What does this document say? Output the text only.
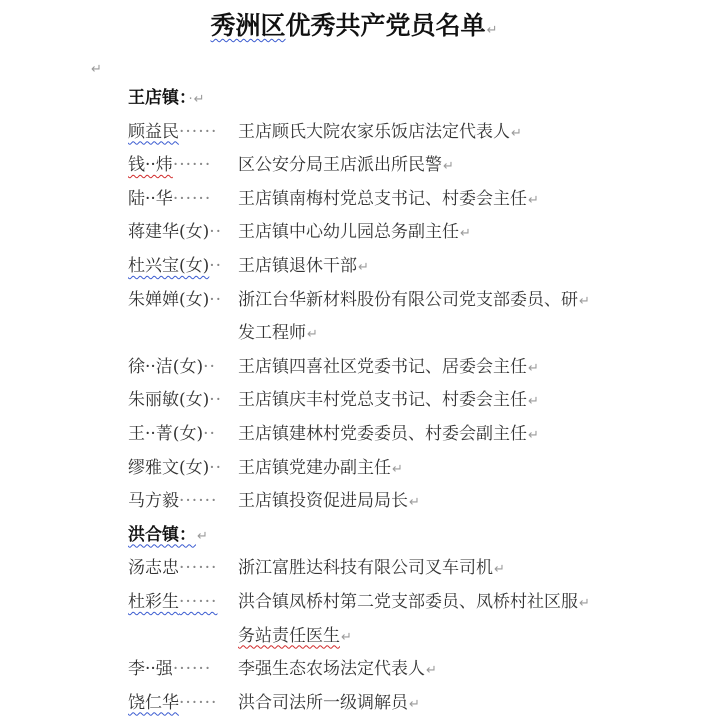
秀洲区优秀共产党员名单↵
↵
王店镇：·↵
顾益民······ 王店顾氏大院农家乐饭店法定代表人↵
钱··炜······ 区公安分局王店派出所民警↵
陆··华······ 王店镇南梅村党总支书记、村委会主任↵
蒋建华(女)·· 王店镇中心幼儿园总务副主任↵
杜兴宝(女)·· 王店镇退休干部↵
朱婵婵(女)·· 浙江台华新材料股份有限公司党支部委员、研↵
发工程师↵
徐··洁(女)·· 王店镇四喜社区党委书记、居委会主任↵
朱丽敏(女)·· 王店镇庆丰村党总支书记、村委会主任↵
王··菁(女)·· 王店镇建林村党委委员、村委会副主任↵
缪雅文(女)·· 王店镇党建办副主任↵
马方毅······ 王店镇投资促进局局长↵
洪合镇：↵
汤志忠······ 浙江富胜达科技有限公司叉车司机↵
杜彩生······ 洪合镇凤桥村第二党支部委员、凤桥村社区服↵
务站责任医生↵
李··强······ 李强生态农场法定代表人↵
饶仁华······ 洪合司法所一级调解员↵
